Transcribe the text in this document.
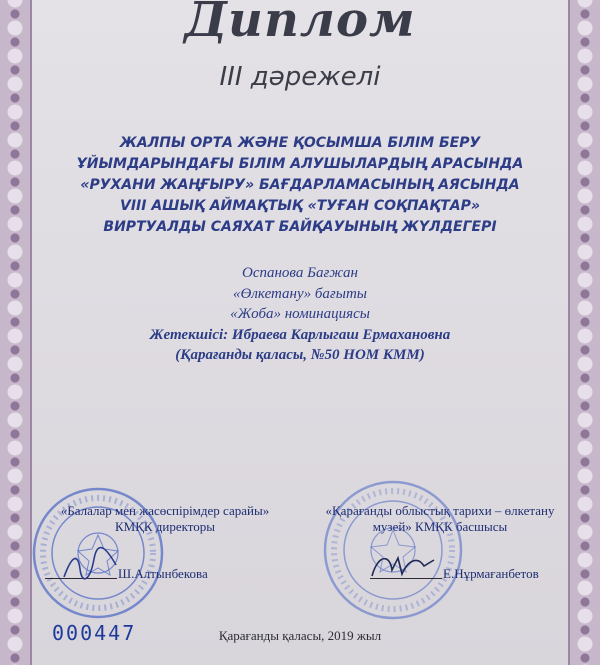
Диплом
III дәрежелі
ЖАЛПЫ ОРТА ЖӘНЕ ҚОСЫМША БІЛІМ БЕРУ
ҰЙЫМДАРЫНДАҒЫ БІЛІМ АЛУШЫЛАРДЫҢ АРАСЫНДА
«РУХАНИ ЖАҢҒЫРУ» БАҒДАРЛАМАСЫНЫҢ АЯСЫНДА
VIII АШЫҚ АЙМАҚТЫҚ «ТУҒАН СОҚПАҚТАР»
ВИРТУАЛДЫ САЯХАТ БАЙҚАУЫНЫҢ ЖҮЛДЕГЕРІ
Оспанова Бағжан
«Өлкетану» бағыты
«Жоба» номинациясы
Жетекшісі: Ибраева Карлыгаш Ермахановна
(Қарағанды қаласы, №50 НОМ КММ)
«Балалар мен жасөспірімдер сарайы»
КМҚК директоры
«Қарағанды облыстық тарихи – өлкетану
музей» КМҚК басшысы
Ш.Алтынбекова	Е.Нұрмағанбетов
000447	Қарағанды қаласы, 2019 жыл
